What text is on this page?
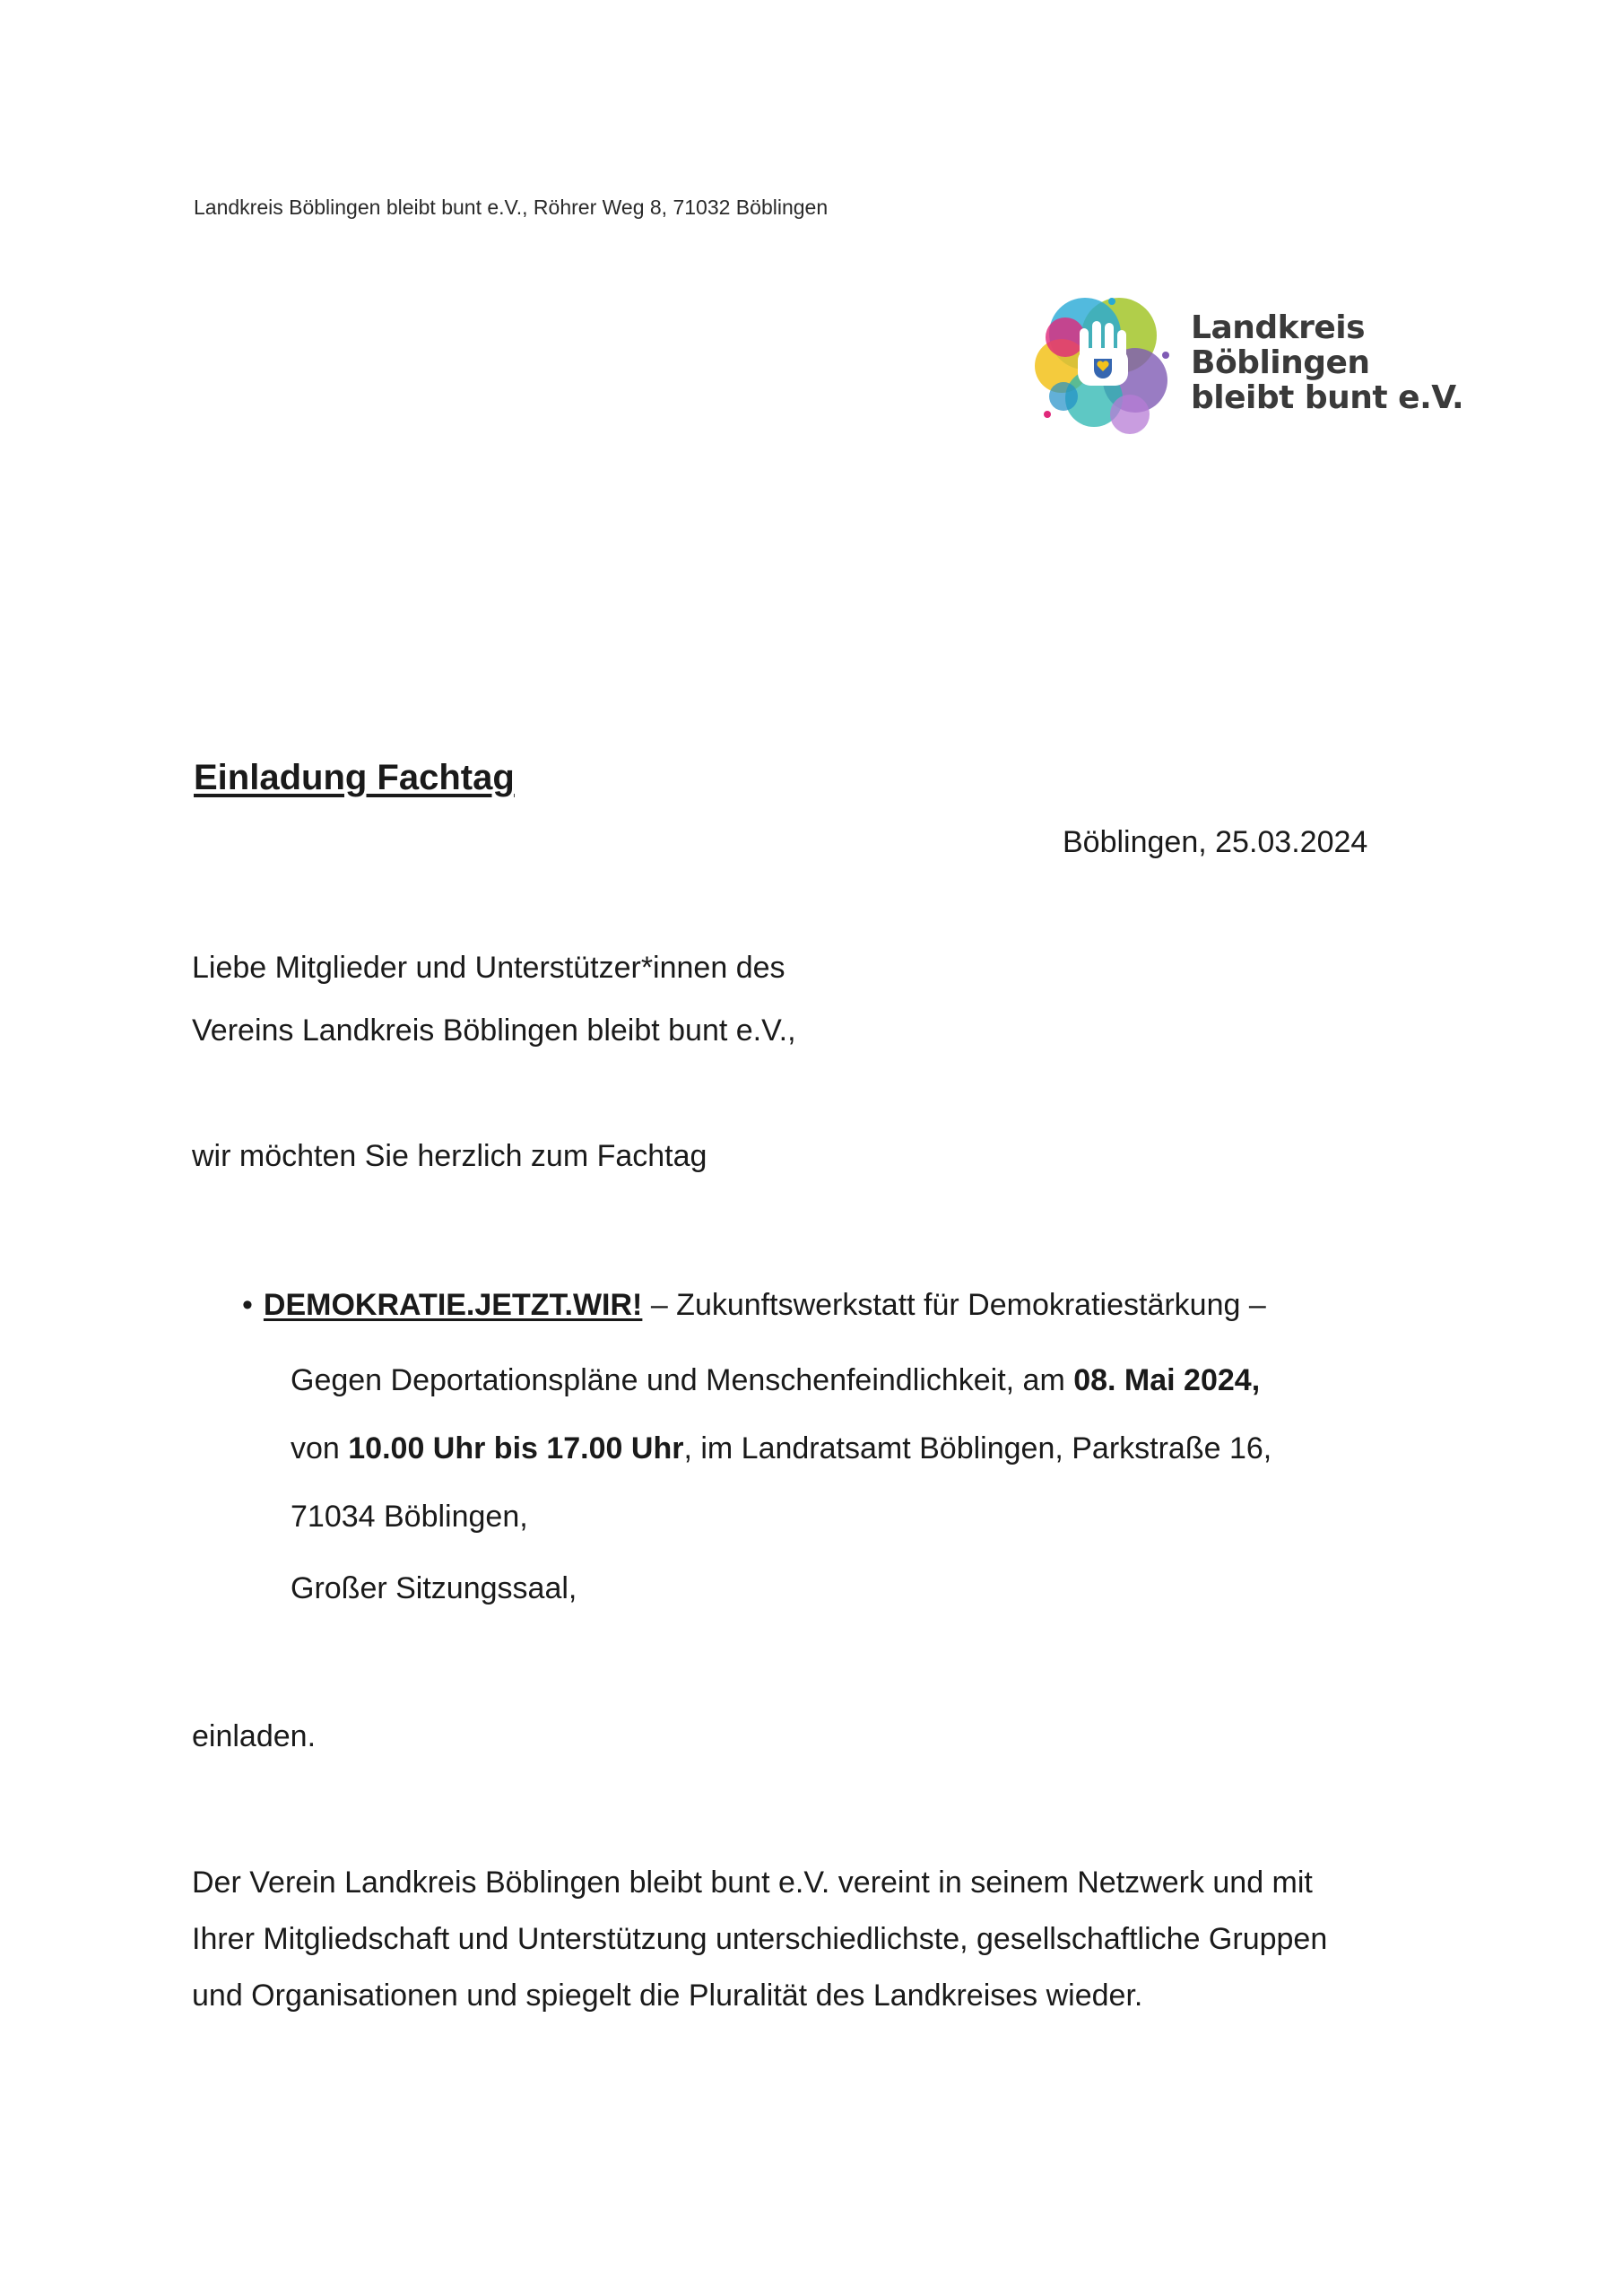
Landkreis Böblingen bleibt bunt e.V., Röhrer Weg 8, 71032 Böblingen
Landkreis
Böblingen
bleibt bunt e.V.
Einladung Fachtag
Böblingen, 25.03.2024
Liebe Mitglieder und Unterstützer*innen des
Vereins Landkreis Böblingen bleibt bunt e.V.,
wir möchten Sie herzlich zum Fachtag
• DEMOKRATIE.JETZT.WIR! – Zukunftswerkstatt für Demokratiestärkung –
Gegen Deportationspläne und Menschenfeindlichkeit, am 08. Mai 2024,
von 10.00 Uhr bis 17.00 Uhr, im Landratsamt Böblingen, Parkstraße 16,
71034 Böblingen,
Großer Sitzungssaal,
einladen.
Der Verein Landkreis Böblingen bleibt bunt e.V. vereint in seinem Netzwerk und mit
Ihrer Mitgliedschaft und Unterstützung unterschiedlichste, gesellschaftliche Gruppen
und Organisationen und spiegelt die Pluralität des Landkreises wieder.
